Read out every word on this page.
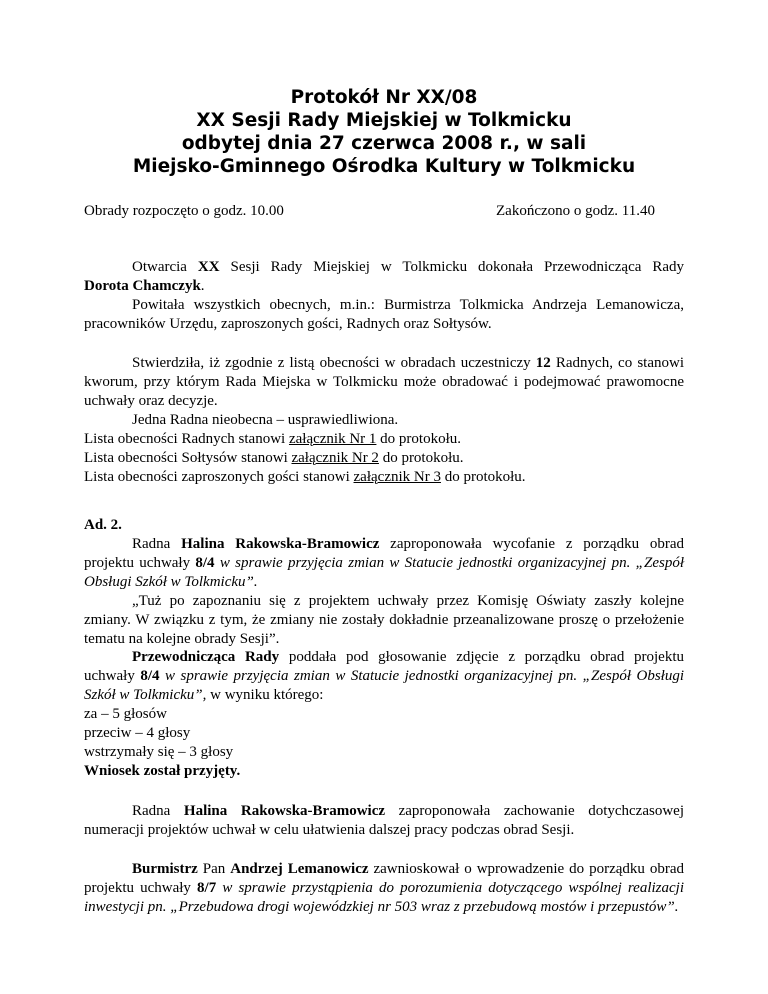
Protokół Nr XX/08
XX Sesji Rady Miejskiej w Tolkmicku
odbytej dnia 27 czerwca 2008 r., w sali
Miejsko-Gminnego Ośrodka Kultury w Tolkmicku
Obrady rozpoczęto o godz. 10.00	Zakończono o godz. 11.40

Otwarcia XX Sesji Rady Miejskiej w Tolkmicku dokonała Przewodnicząca Rady

Dorota Chamczyk.

Powitała wszystkich obecnych, m.in.: Burmistrza Tolkmicka Andrzeja Lemanowicza, pracowników Urzędu, zaproszonych gości, Radnych oraz Sołtysów.

Stwierdziła, iż zgodnie z listą obecności w obradach uczestniczy 12 Radnych, co stanowi kworum, przy którym Rada Miejska w Tolkmicku może obradować i podejmować prawomocne uchwały oraz decyzje.

Jedna Radna nieobecna – usprawiedliwiona.

Lista obecności Radnych stanowi załącznik Nr 1 do protokołu.

Lista obecności Sołtysów stanowi załącznik Nr 2 do protokołu.

Lista obecności zaproszonych gości stanowi załącznik Nr 3 do protokołu.

Ad. 2.

Radna Halina Rakowska-Bramowicz zaproponowała wycofanie z porządku obrad projektu uchwały 8/4 w sprawie przyjęcia zmian w Statucie jednostki organizacyjnej pn. „Zespół Obsługi Szkół w Tolkmicku”.

„Tuż po zapoznaniu się z projektem uchwały przez Komisję Oświaty zaszły kolejne zmiany. W związku z tym, że zmiany nie zostały dokładnie przeanalizowane proszę o przełożenie tematu na kolejne obrady Sesji”.

Przewodnicząca Rady poddała pod głosowanie zdjęcie z porządku obrad projektu uchwały 8/4 w sprawie przyjęcia zmian w Statucie jednostki organizacyjnej pn. „Zespół Obsługi Szkół w Tolkmicku”, w wyniku którego:

za – 5 głosów

przeciw – 4 głosy

wstrzymały się – 3 głosy

Wniosek został przyjęty.

Radna Halina Rakowska-Bramowicz zaproponowała zachowanie dotychczasowej numeracji projektów uchwał w celu ułatwienia dalszej pracy podczas obrad Sesji.

Burmistrz Pan Andrzej Lemanowicz zawnioskował o wprowadzenie do porządku obrad projektu uchwały 8/7 w sprawie przystąpienia do porozumienia dotyczącego wspólnej realizacji inwestycji pn. „Przebudowa drogi wojewódzkiej nr 503 wraz z przebudową mostów i przepustów”.
